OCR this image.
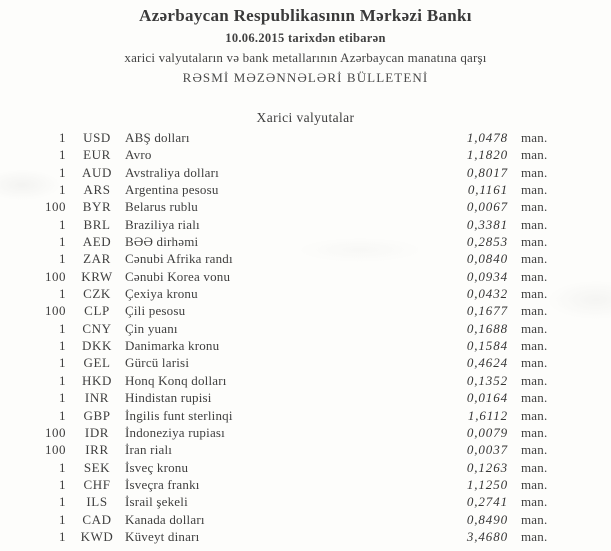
Azərbaycan Respublikasının Mərkəzi Bankı
10.06.2015 tarixdən etibarən
xarici valyutaların və bank metallarının Azərbaycan manatına qarşı
RƏSMİ MƏZƏNNƏLƏRİ BÜLLETENİ
Xarici valyutalar
1	USD	ABŞ dolları	1,0478 man.
1	EUR	Avro	1,1820 man.
1	AUD	Avstraliya dolları	0,8017 man.
1	ARS	Argentina pesosu	0,1161 man.
100	BYR	Belarus rublu	0,0067 man.
1	BRL	Braziliya rialı	0,3381 man.
1	AED	BƏƏ dirhəmi	0,2853 man.
1	ZAR	Cənubi Afrika randı	0,0840 man.
100	KRW Cənubi Korea vonu	0,0934 man.
1	CZK	Çexiya kronu	0,0432 man.
100	CLP	Çili pesosu	0,1677 man.
1	CNY	Çin yuanı	0,1688 man.
1	DKK	Danimarka kronu	0,1584 man.
1	GEL	Gürcü larisi	0,4624 man.
1	HKD	Honq Konq dolları	0,1352 man.
1	INR	Hindistan rupisi	0,0164 man.
1	GBP	İngilis funt sterlinqi	1,6112 man.
100	IDR	İndoneziya rupiası	0,0079 man.
100	IRR	İran rialı	0,0037 man.
1	SEK	İsveç kronu	0,1263 man.
1	CHF	İsveçra frankı	1,1250 man.
1	ILS	İsrail şekeli	0,2741 man.
1	CAD	Kanada dolları	0,8490 man.
1	KWD Küveyt dinarı	3,4680 man.
